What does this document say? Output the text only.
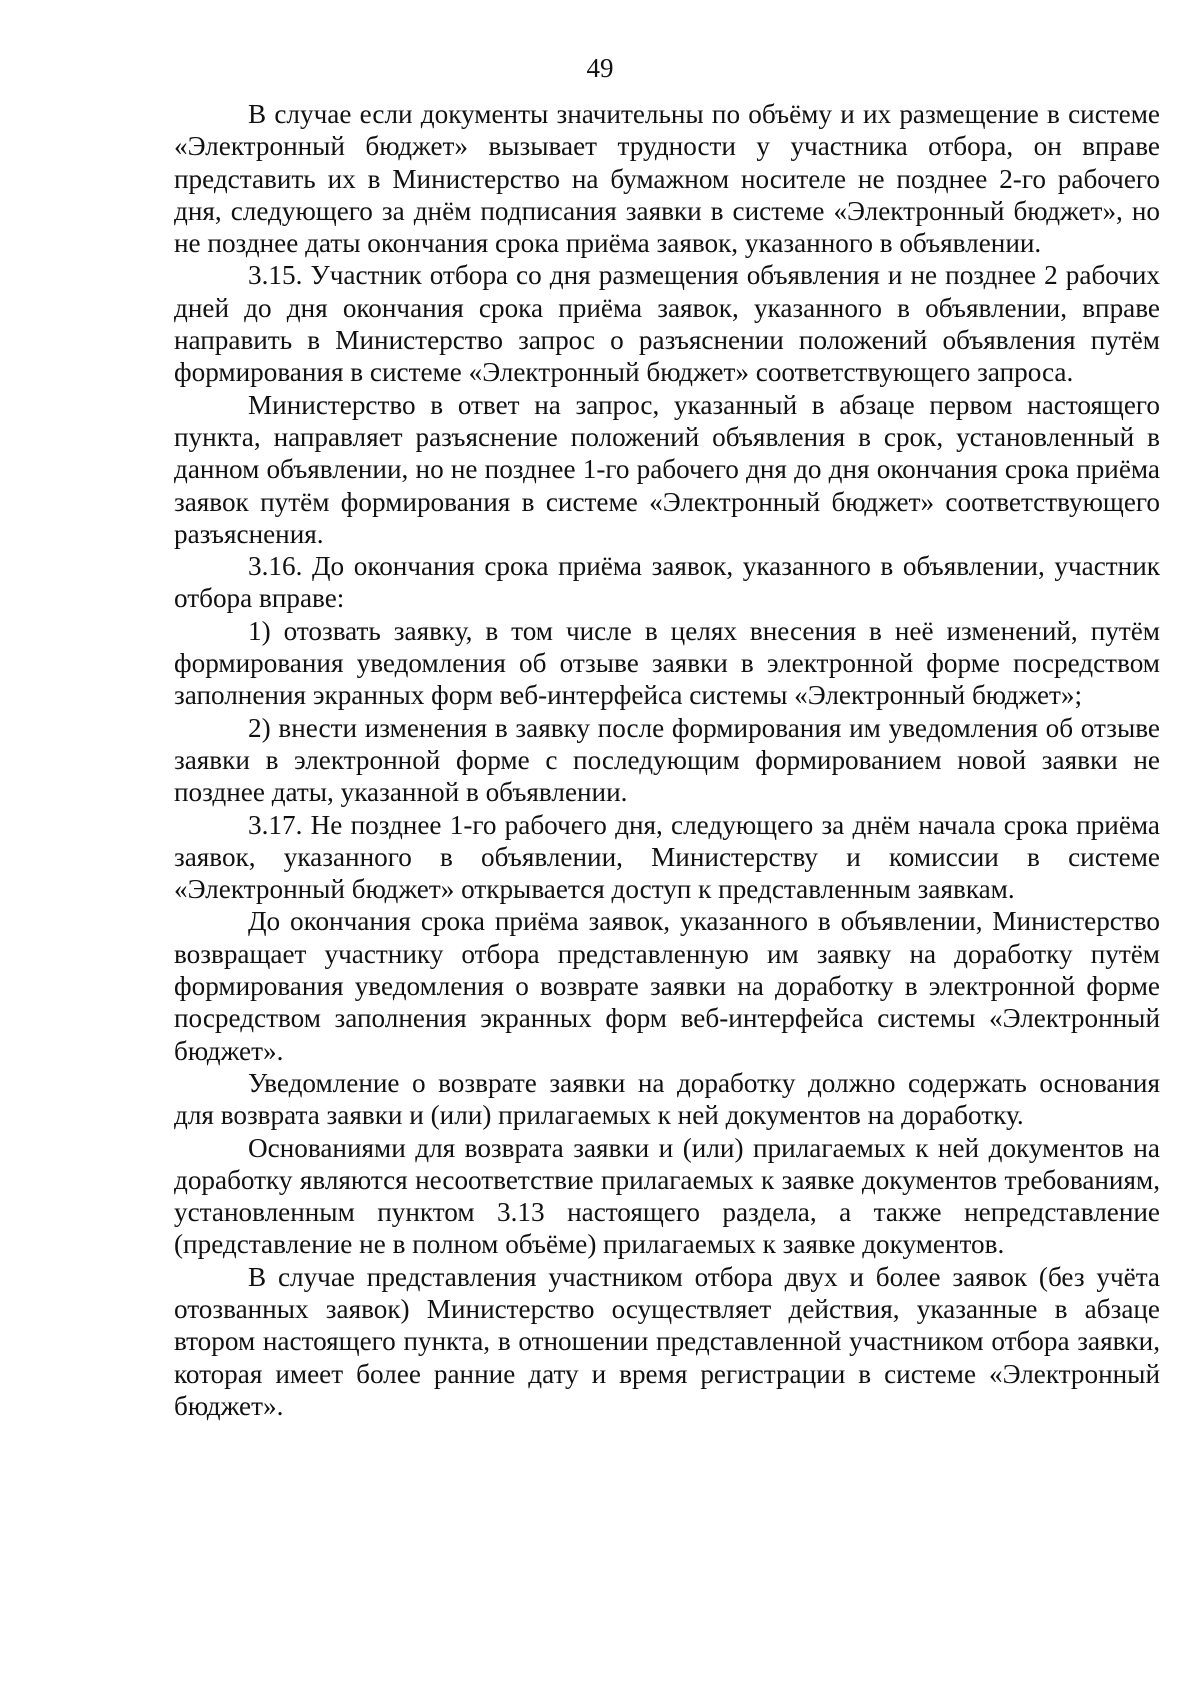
49

В случае если документы значительны по объёму и их размещение в системе «Электронный бюджет» вызывает трудности у участника отбора, он вправе представить их в Министерство на бумажном носителе не позднее 2-го рабочего дня, следующего за днём подписания заявки в системе «Электронный бюджет», но не позднее даты окончания срока приёма заявок, указанного в объявлении.

3.15. Участник отбора со дня размещения объявления и не позднее 2 рабочих дней до дня окончания срока приёма заявок, указанного в объявлении, вправе направить в Министерство запрос о разъяснении положений объявления путём формирования в системе «Электронный бюджет» соответствующего запроса.

Министерство в ответ на запрос, указанный в абзаце первом настоящего пункта, направляет разъяснение положений объявления в срок, установленный в данном объявлении, но не позднее 1-го рабочего дня до дня окончания срока приёма заявок путём формирования в системе «Электронный бюджет» соответствующего разъяснения.

3.16. До окончания срока приёма заявок, указанного в объявлении, участник отбора вправе:

1) отозвать заявку, в том числе в целях внесения в неё изменений, путём формирования уведомления об отзыве заявки в электронной форме посредством заполнения экранных форм веб-интерфейса системы «Электронный бюджет»;

2) внести изменения в заявку после формирования им уведомления об отзыве заявки в электронной форме с последующим формированием новой заявки не позднее даты, указанной в объявлении.

3.17. Не позднее 1-го рабочего дня, следующего за днём начала срока приёма заявок, указанного в объявлении, Министерству и комиссии в системе «Электронный бюджет» открывается доступ к представленным заявкам.

До окончания срока приёма заявок, указанного в объявлении, Министерство возвращает участнику отбора представленную им заявку на доработку путём формирования уведомления о возврате заявки на доработку в электронной форме посредством заполнения экранных форм веб-интерфейса системы «Электронный бюджет».

Уведомление о возврате заявки на доработку должно содержать основания для возврата заявки и (или) прилагаемых к ней документов на доработку.

Основаниями для возврата заявки и (или) прилагаемых к ней документов на доработку являются несоответствие прилагаемых к заявке документов требованиям, установленным пунктом 3.13 настоящего раздела, а также непредставление (представление не в полном объёме) прилагаемых к заявке документов.

В случае представления участником отбора двух и более заявок (без учёта отозванных заявок) Министерство осуществляет действия, указанные в абзаце втором настоящего пункта, в отношении представленной участником отбора заявки, которая имеет более ранние дату и время регистрации в системе «Электронный бюджет».
